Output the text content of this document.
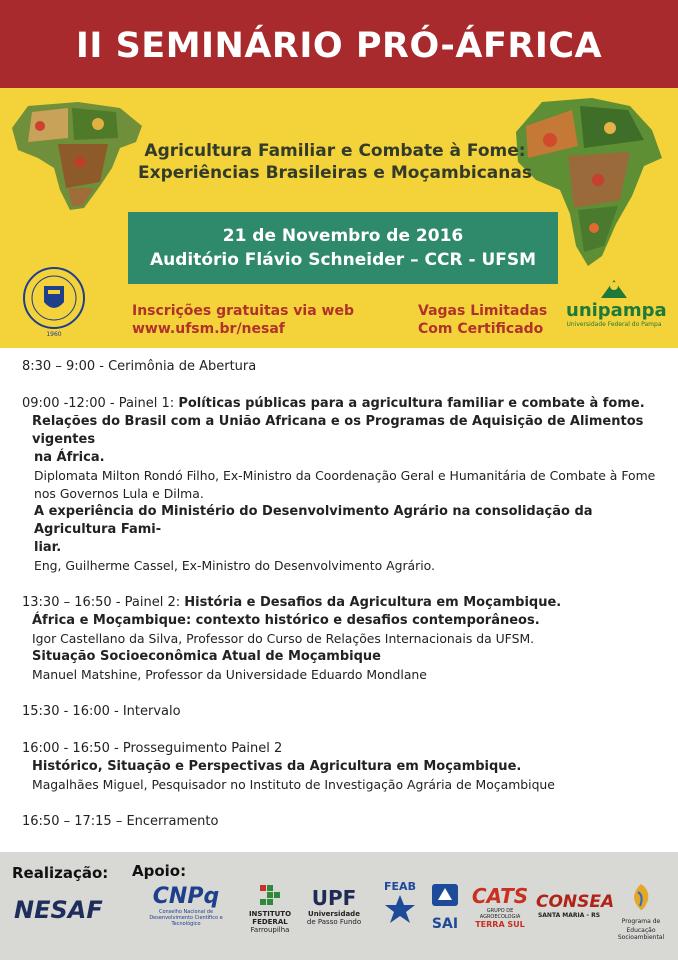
II SEMINÁRIO PRÓ-ÁFRICA
Agricultura Familiar e Combate à Fome:
Experiências Brasileiras e Moçambicanas
21 de Novembro de 2016
Auditório Flávio Schneider – CCR - UFSM
Inscrições gratuitas via web
www.ufsm.br/nesaf
Vagas Limitadas
Com Certificado
1960
unipampa
Universidade Federal do Pampa
8:30 – 9:00 - Cerimônia de Abertura
09:00 -12:00 - Painel 1: Políticas públicas para a agricultura familiar e combate à fome.
Relações do Brasil com a União Africana e os Programas de Aquisição de Alimentos vigentes
na África.
Diplomata Milton Rondó Filho, Ex-Ministro da Coordenação Geral e Humanitária de Combate à Fome
nos Governos Lula e Dilma.
A experiência do Ministério do Desenvolvimento Agrário na consolidação da Agricultura Fami-
liar.
Eng, Guilherme Cassel, Ex-Ministro do Desenvolvimento Agrário.
13:30 – 16:50 - Painel 2: História e Desafios da Agricultura em Moçambique.
África e Moçambique: contexto histórico e desafios contemporâneos.
Igor Castellano da Silva, Professor do Curso de Relações Internacionais da UFSM.
Situação Socioeconômica Atual de Moçambique
Manuel Matshine, Professor da Universidade Eduardo Mondlane
15:30 - 16:00 - Intervalo
16:00 - 16:50 - Prosseguimento Painel 2
Histórico, Situação e Perspectivas da Agricultura em Moçambique.
Magalhães Miguel, Pesquisador no Instituto de Investigação Agrária de Moçambique
16:50 – 17:15 – Encerramento
Realização: Apoio:
NESAF	CNPq
Conselho Nacional de Desenvolvimento Científico e Tecnológico
INSTITUTO
FEDERAL
Farroupilha
UPF
Universidade
de Passo Fundo
FEAB
SAI
CATS
GRUPO DE AGROECOLOGIA
TERRA SUL
CONSEA
SANTA MARIA - RS
Programa de
Educação Socioambiental
